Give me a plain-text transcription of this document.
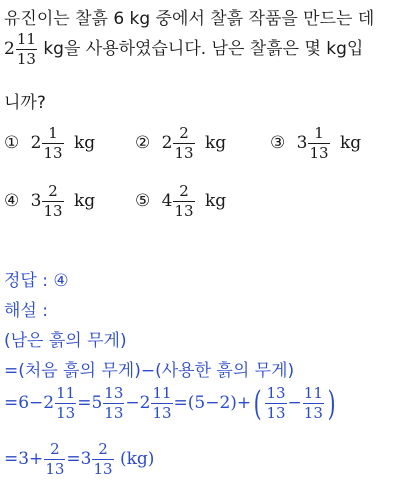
유진이는 찰흙 6 kg 중에서 찰흙 작품을 만드는 데
$2 \frac{11}{13}$ kg을 사용하였습니다. 남은 찰흙은 몇 kg입
니까?
① $2 \frac{1}{13}$ kg ② $2 \frac{2}{13}$ kg	③ $3 \frac{1}{13}$ kg
④ $3 \frac{2}{13}$ kg ⑤ $4 \frac{2}{13}$ kg
정답 : ④
해설 :
(남은 흙의 무게)
=(처음 흙의 무게)−(사용한 흙의 무게)
$=6-2 \frac{11}{13} =5 \frac{13}{13} -2 \frac{11}{13} =(5-2)+( \frac{13}{13} - \frac{11}{13}$ )
$=3+ \frac{2}{13} =3 \frac{2}{13} (kg)$
